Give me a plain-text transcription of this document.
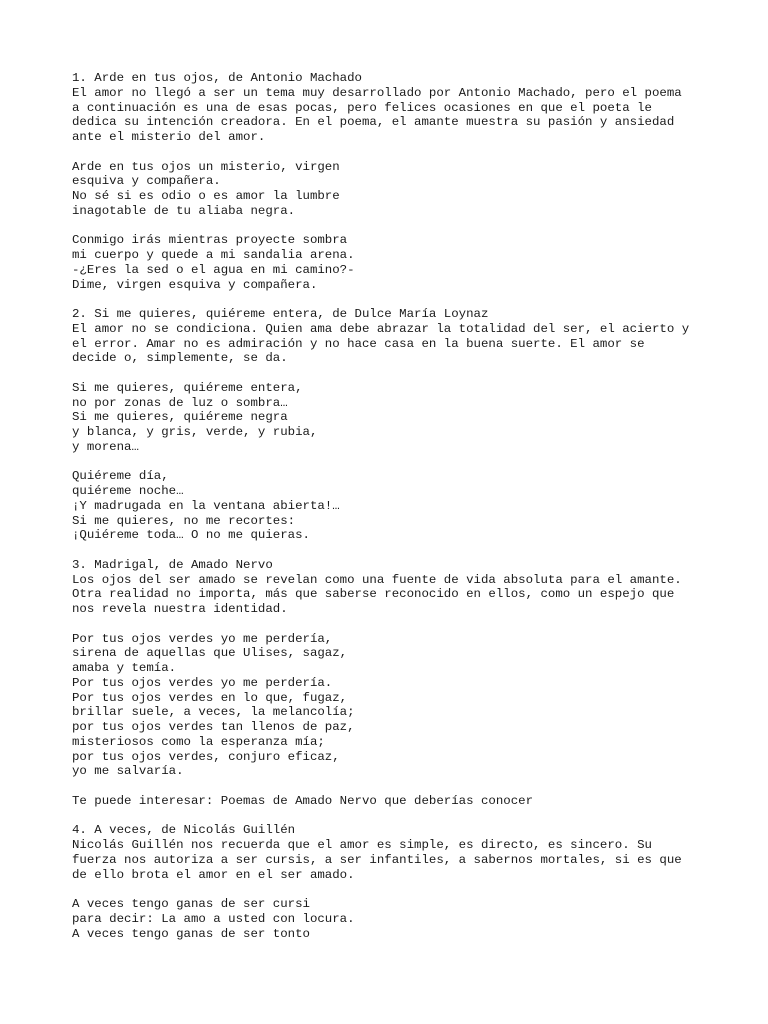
1. Arde en tus ojos, de Antonio Machado
El amor no llegó a ser un tema muy desarrollado por Antonio Machado, pero el poema
a continuación es una de esas pocas, pero felices ocasiones en que el poeta le
dedica su intención creadora. En el poema, el amante muestra su pasión y ansiedad
ante el misterio del amor.
Arde en tus ojos un misterio, virgen
esquiva y compañera.
No sé si es odio o es amor la lumbre
inagotable de tu aliaba negra.
Conmigo irás mientras proyecte sombra
mi cuerpo y quede a mi sandalia arena.
-¿Eres la sed o el agua en mi camino?-
Dime, virgen esquiva y compañera.
2. Si me quieres, quiéreme entera, de Dulce María Loynaz
El amor no se condiciona. Quien ama debe abrazar la totalidad del ser, el acierto y
el error. Amar no es admiración y no hace casa en la buena suerte. El amor se
decide o, simplemente, se da.
Si me quieres, quiéreme entera,
no por zonas de luz o sombra…
Si me quieres, quiéreme negra
y blanca, y gris, verde, y rubia,
y morena…
Quiéreme día,
quiéreme noche…
¡Y madrugada en la ventana abierta!…
Si me quieres, no me recortes:
¡Quiéreme toda… O no me quieras.
3. Madrigal, de Amado Nervo
Los ojos del ser amado se revelan como una fuente de vida absoluta para el amante.
Otra realidad no importa, más que saberse reconocido en ellos, como un espejo que
nos revela nuestra identidad.
Por tus ojos verdes yo me perdería,
sirena de aquellas que Ulises, sagaz,
amaba y temía.
Por tus ojos verdes yo me perdería.
Por tus ojos verdes en lo que, fugaz,
brillar suele, a veces, la melancolía;
por tus ojos verdes tan llenos de paz,
misteriosos como la esperanza mía;
por tus ojos verdes, conjuro eficaz,
yo me salvaría.
Te puede interesar: Poemas de Amado Nervo que deberías conocer
4. A veces, de Nicolás Guillén
Nicolás Guillén nos recuerda que el amor es simple, es directo, es sincero. Su
fuerza nos autoriza a ser cursis, a ser infantiles, a sabernos mortales, si es que
de ello brota el amor en el ser amado.
A veces tengo ganas de ser cursi
para decir: La amo a usted con locura.
A veces tengo ganas de ser tonto
